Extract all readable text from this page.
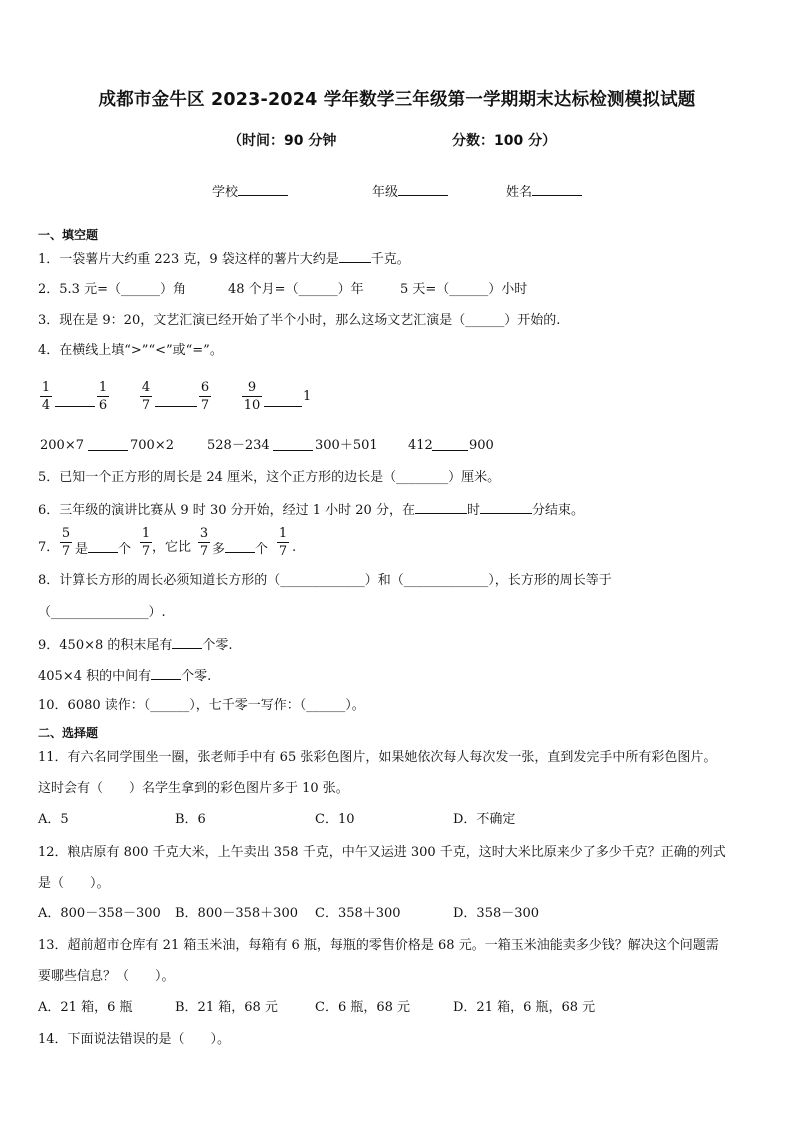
成都市金牛区 2023-2024 学年数学三年级第一学期期末达标检测模拟试题
（时间：90 分钟	分数：100 分）
学校	年级	姓名
一、填空题
1．一袋薯片大约重 223 克，9 袋这样的薯片大约是 千克。
2．5.3 元=（______）角	48 个月=（______）年	5 天=（______）小时
3．现在是 9：20，文艺汇演已经开始了半个小时，那么这场文艺汇演是（______）开始的.
4．在横线上填“>”“<”或“=”。
1
4
1
6
4
7
6
7
9
10
1
200×7	700×2	528－234	300＋501 412	900
5．已知一个正方形的周长是 24 厘米，这个正方形的边长是（________）厘米。
6．三年级的演讲比赛从 9 时 30 分开始，经过 1 小时 20 分，在	时	分结束。
7．
5
7 是 个
1
7 ，它比
3
7 多 个
1
7 .
8．计算长方形的周长必须知道长方形的（_____________）和（_____________），长方形的周长等于
（_______________）.
9．450×8 的积末尾有 个零.
405×4 积的中间有 个零.
10．6080 读作：（______），七千零一写作：（______）。
二、选择题
11．有六名同学围坐一圈，张老师手中有 65 张彩色图片，如果她依次每人每次发一张，直到发完手中所有彩色图片。
这时会有（　　）名学生拿到的彩色图片多于 10 张。
A．5	B．6	C．10	D．不确定
12．粮店原有 800 千克大米，上午卖出 358 千克，中午又运进 300 千克，这时大米比原来少了多少千克？正确的列式
是（　　）。
A．800－358－300 B．800－358＋300 C．358＋300	D．358－300
13．超前超市仓库有 21 箱玉米油，每箱有 6 瓶，每瓶的零售价格是 68 元。一箱玉米油能卖多少钱？解决这个问题需
要哪些信息？（　　）。
A．21 箱，6 瓶	B．21 箱，68 元	C．6 瓶，68 元	D．21 箱，6 瓶，68 元
14．下面说法错误的是（　　）。
